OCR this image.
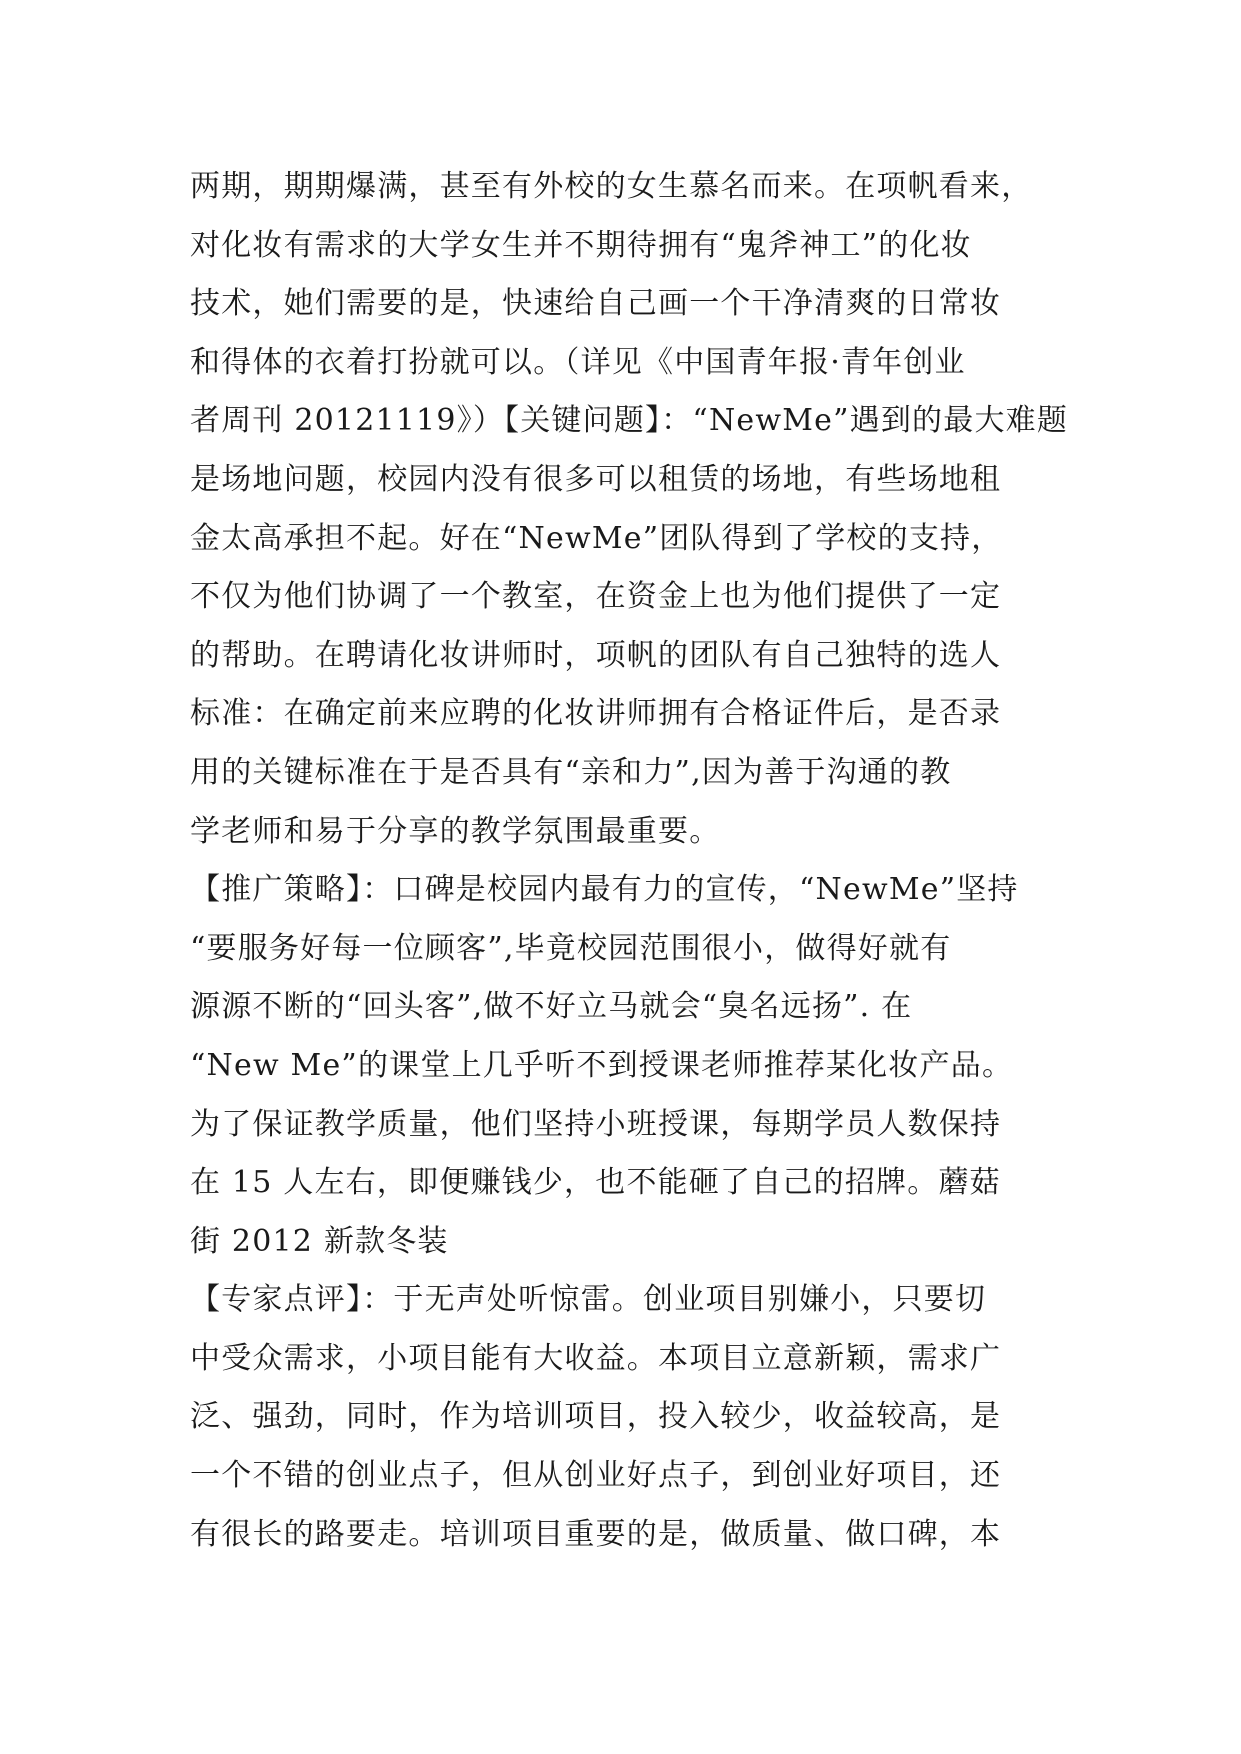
两期，期期爆满，甚至有外校的女生慕名而来。在项帆看来，
对化妆有需求的大学女生并不期待拥有“鬼斧神工”的化妆
技术，她们需要的是，快速给自己画一个干净清爽的日常妆
和得体的衣着打扮就可以。（详见《中国青年报·青年创业
者周刊 20121119》）【关键问题】：“NewMe”遇到的最大难题
是场地问题，校园内没有很多可以租赁的场地，有些场地租
金太高承担不起。好在“NewMe”团队得到了学校的支持，
不仅为他们协调了一个教室，在资金上也为他们提供了一定
的帮助。在聘请化妆讲师时，项帆的团队有自己独特的选人
标准：在确定前来应聘的化妆讲师拥有合格证件后，是否录
用的关键标准在于是否具有“亲和力”,因为善于沟通的教
学老师和易于分享的教学氛围最重要。
【推广策略】：口碑是校园内最有力的宣传，“NewMe”坚持
“要服务好每一位顾客”,毕竟校园范围很小，做得好就有
源源不断的“回头客”,做不好立马就会“臭名远扬”. 在
“New Me”的课堂上几乎听不到授课老师推荐某化妆产品。
为了保证教学质量，他们坚持小班授课，每期学员人数保持
在 15 人左右，即便赚钱少，也不能砸了自己的招牌。蘑菇
街 2012 新款冬装
【专家点评】：于无声处听惊雷。创业项目别嫌小，只要切
中受众需求，小项目能有大收益。本项目立意新颖，需求广
泛、强劲，同时，作为培训项目，投入较少，收益较高，是
一个不错的创业点子，但从创业好点子，到创业好项目，还
有很长的路要走。培训项目重要的是，做质量、做口碑，本
